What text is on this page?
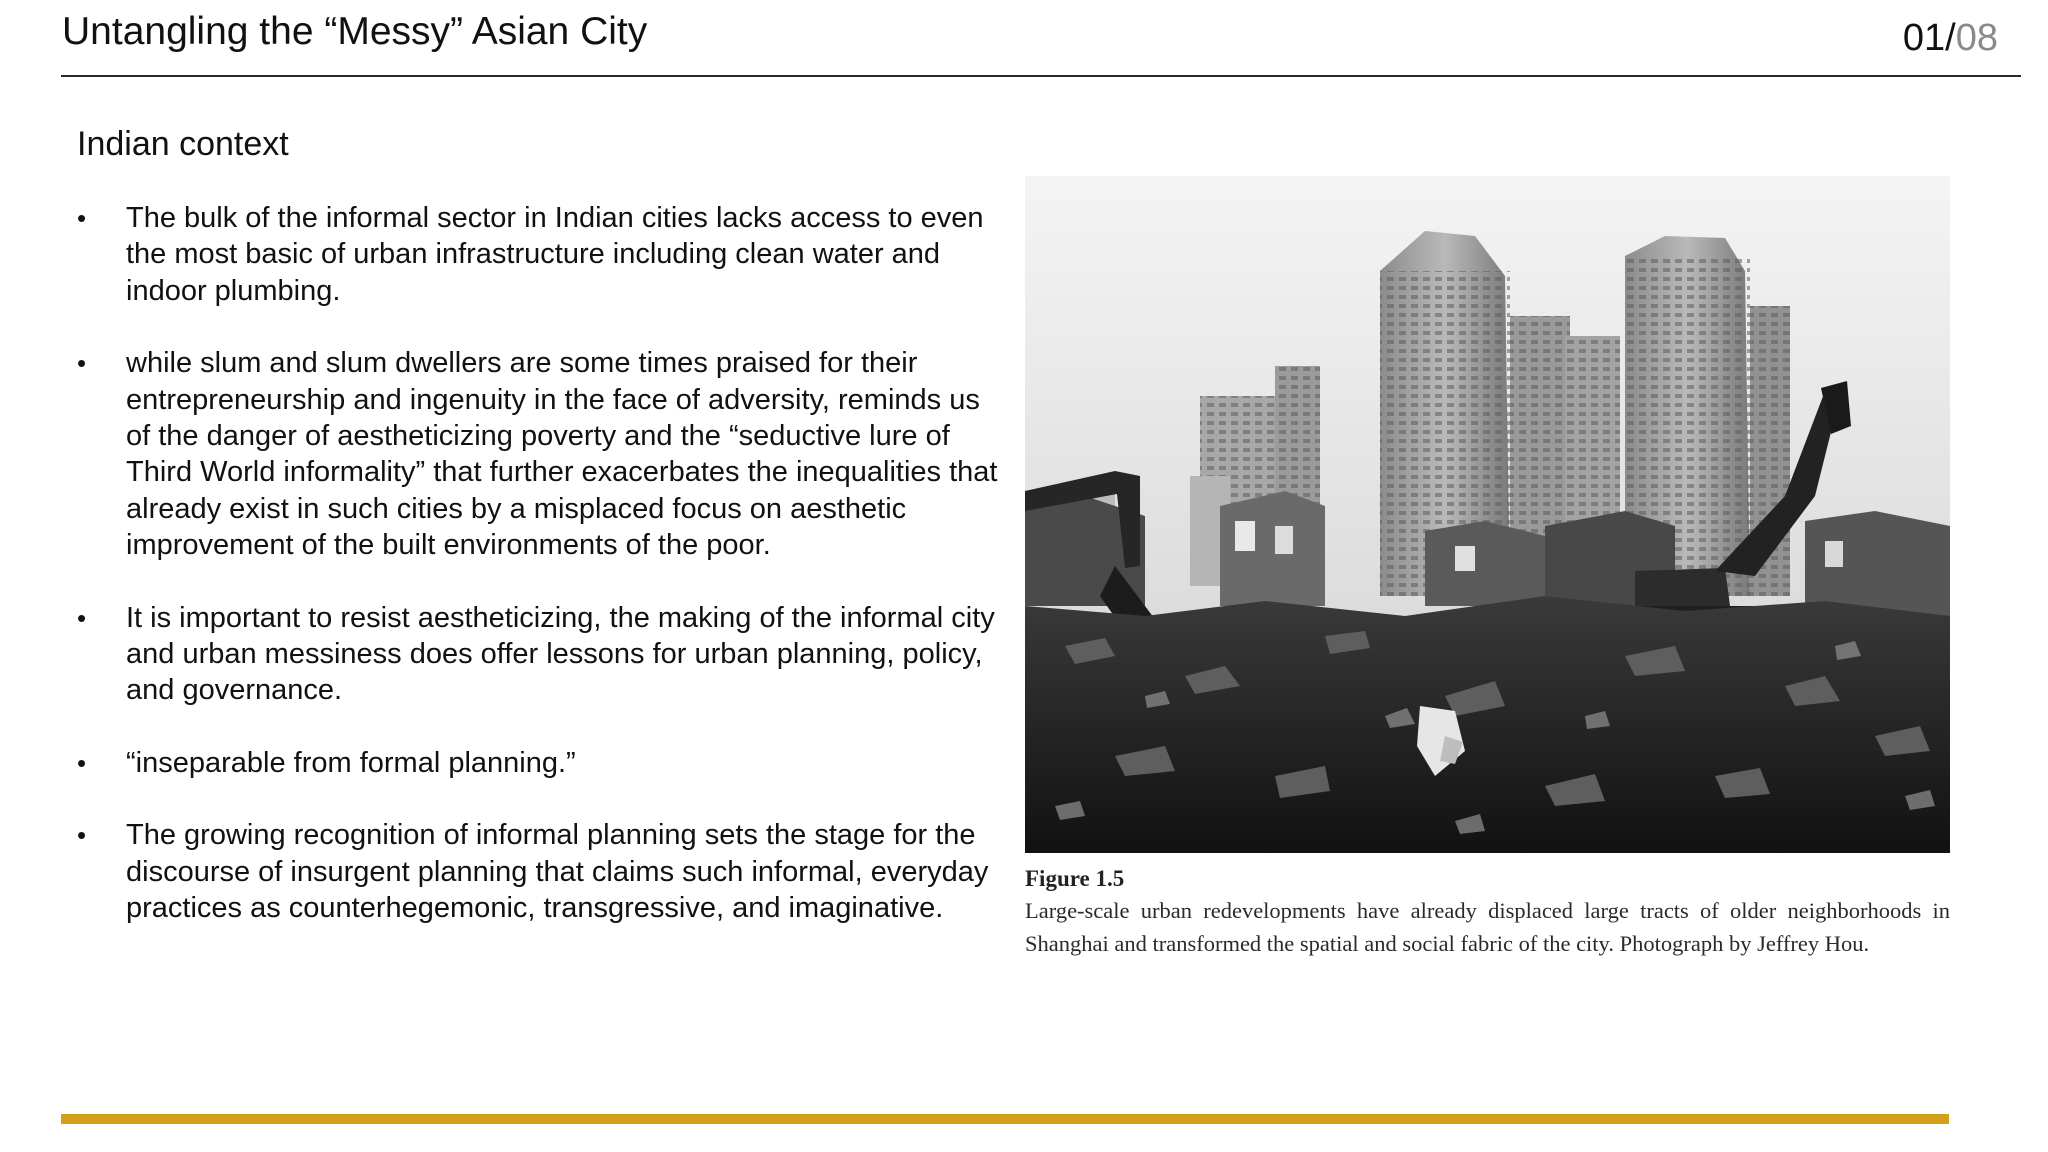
Untangling the “Messy” Asian City	01/08
Indian context
•	The bulk of the informal sector in Indian cities lacks access to even the most basic of urban infrastructure including clean water and indoor plumbing.
•	while slum and slum dwellers are some times praised for their entrepreneurship and ingenuity in the face of adversity, reminds us of the danger of aestheticizing poverty and the “seductive lure of Third World informality” that further exacerbates the inequalities that already exist in such cities by a misplaced focus on aesthetic improvement of the built environments of the poor.
•	It is important to resist aestheticizing, the making of the informal city and urban messiness does offer lessons for urban planning, policy, and governance.
•	“inseparable from formal planning.”
•	The growing recognition of informal planning sets the stage for the discourse of insurgent planning that claims such informal, everyday practices as counterhegemonic, transgressive, and imaginative.
Figure 1.5
Large-scale urban redevelopments have already displaced large tracts of older neighborhoods in Shanghai and transformed the spatial and social fabric of the city. Photograph by Jeffrey Hou.
